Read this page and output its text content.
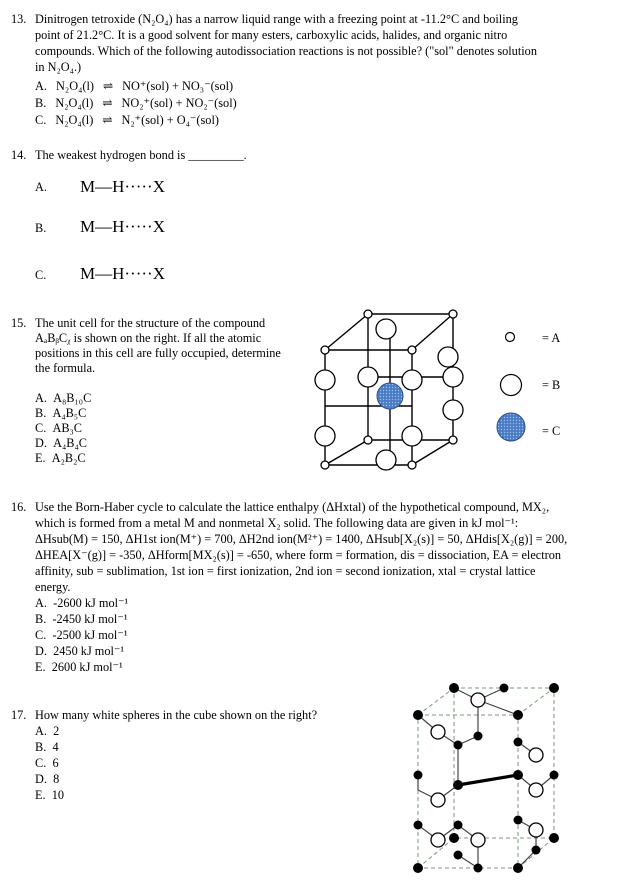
13. Dinitrogen tetroxide (N₂O₄) has a narrow liquid range with a freezing point at -11.2°C and boiling
point of 21.2°C. It is a good solvent for many esters, carboxylic acids, halides, and organic nitro
compounds. Which of the following autodissociation reactions is not possible? ("sol" denotes solution
in N₂O₄.)
A. N₂O₄(l) ⇌ NO⁺(sol) + NO₃⁻(sol)
B. N₂O₄(l) ⇌ NO₂⁺(sol) + NO₂⁻(sol)
C. N₂O₄(l) ⇌ N₂⁺(sol) + O₄⁻(sol)
14. The weakest hydrogen bond is _________.
A. M—H·····X
B. M—H·····X
C. M—H·····X
15. The unit cell for the structure of the compound
AₐBᵦCᵪ is shown on the right. If all the atomic
positions in this cell are fully occupied, determine
the formula.
A. A₈B₁₀C
B. A₄B₅C
C. AB₃C
D. A₄B₄C
E. A₂B₂C
= A
= B
= C
16. Use the Born-Haber cycle to calculate the lattice enthalpy (ΔHxtal) of the hypothetical compound, MX₂,
which is formed from a metal M and nonmetal X₂ solid. The following data are given in kJ mol⁻¹:
ΔHsub(M) = 150, ΔH1st ion(M⁺) = 700, ΔH2nd ion(M²⁺) = 1400, ΔHsub[X₂(s)] = 50, ΔHdis[X₂(g)] = 200,
ΔHEA[X⁻(g)] = -350, ΔHform[MX₂(s)] = -650, where form = formation, dis = dissociation, EA = electron
affinity, sub = sublimation, 1st ion = first ionization, 2nd ion = second ionization, xtal = crystal lattice
energy.
A. -2600 kJ mol⁻¹
B. -2450 kJ mol⁻¹
C. -2500 kJ mol⁻¹
D. 2450 kJ mol⁻¹
E. 2600 kJ mol⁻¹
17. How many white spheres in the cube shown on the right?
A. 2
B. 4
C. 6
D. 8
E. 10
